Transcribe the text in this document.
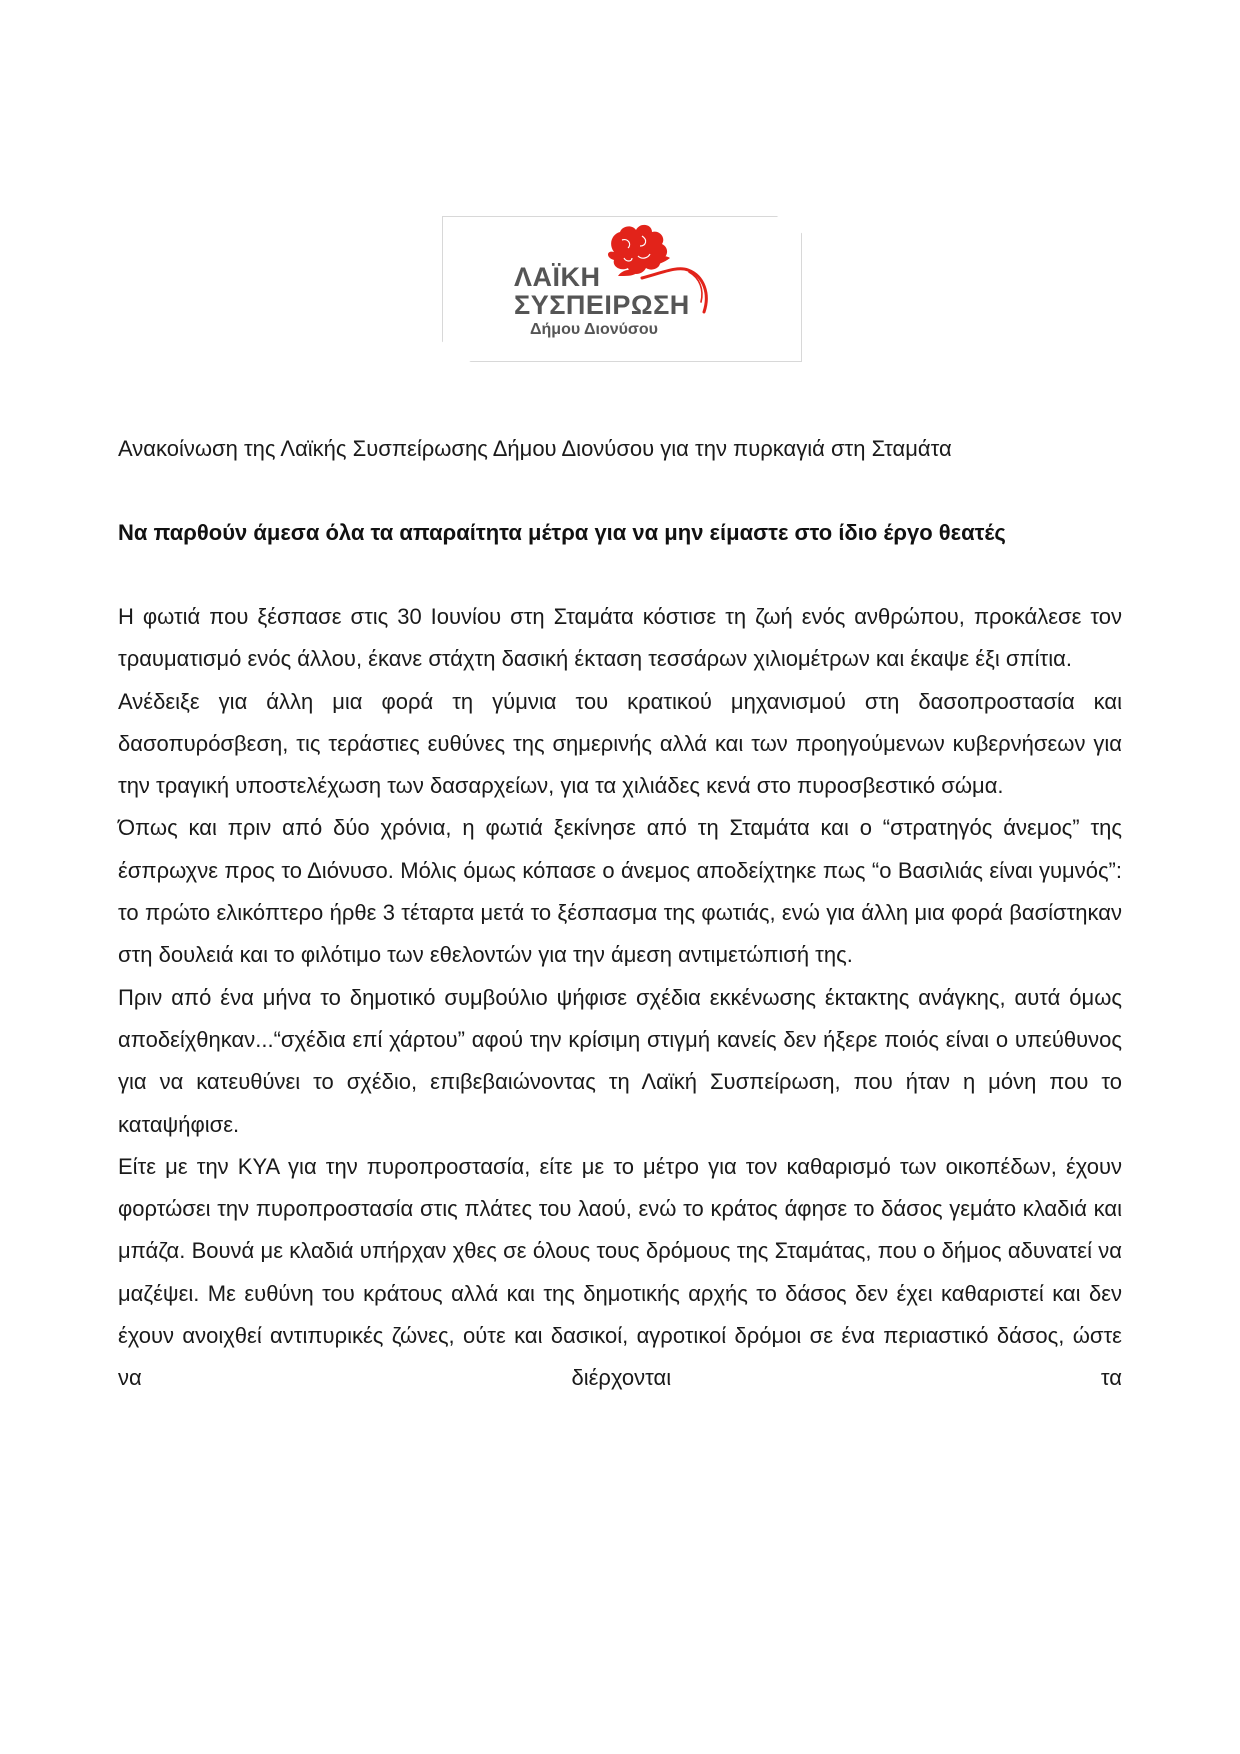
ΛΑΪΚΗ
ΣΥΣΠΕΙΡΩΣΗ
Δήμου Διονύσου

Ανακοίνωση της Λαϊκής Συσπείρωσης Δήμου Διονύσου για την πυρκαγιά στη Σταμάτα

Να παρθούν άμεσα όλα τα απαραίτητα μέτρα για να μην είμαστε στο ίδιο έργο θεατές

Η φωτιά που ξέσπασε στις 30 Ιουνίου στη Σταμάτα κόστισε τη ζωή ενός ανθρώπου, προκάλεσε τον τραυματισμό ενός άλλου, έκανε στάχτη δασική έκταση τεσσάρων χιλιομέτρων και έκαψε έξι σπίτια.

Ανέδειξε για άλλη μια φορά τη γύμνια του κρατικού μηχανισμού στη δασοπροστασία και δασοπυρόσβεση, τις τεράστιες ευθύνες της σημερινής αλλά και των προηγούμενων κυβερνήσεων για την τραγική υποστελέχωση των δασαρχείων, για τα χιλιάδες κενά στο πυροσβεστικό σώμα.

Όπως και πριν από δύο χρόνια, η φωτιά ξεκίνησε από τη Σταμάτα και ο “στρατηγός άνεμος” της έσπρωχνε προς το Διόνυσο. Μόλις όμως κόπασε ο άνεμος αποδείχτηκε πως “ο Βασιλιάς είναι γυμνός”: το πρώτο ελικόπτερο ήρθε 3 τέταρτα μετά το ξέσπασμα της φωτιάς, ενώ για άλλη μια φορά βασίστηκαν στη δουλειά και το φιλότιμο των εθελοντών για την άμεση αντιμετώπισή της.

Πριν από ένα μήνα το δημοτικό συμβούλιο ψήφισε σχέδια εκκένωσης έκτακτης ανάγκης, αυτά όμως αποδείχθηκαν...“σχέδια επί χάρτου” αφού την κρίσιμη στιγμή κανείς δεν ήξερε ποιός είναι ο υπεύθυνος για να κατευθύνει το σχέδιο, επιβεβαιώνοντας τη Λαϊκή Συσπείρωση, που ήταν η μόνη που το καταψήφισε.

Είτε με την ΚΥΑ για την πυροπροστασία, είτε με το μέτρο για τον καθαρισμό των οικοπέδων, έχουν φορτώσει την πυροπροστασία στις πλάτες του λαού, ενώ το κράτος άφησε το δάσος γεμάτο κλαδιά και μπάζα. Βουνά με κλαδιά υπήρχαν χθες σε όλους τους δρόμους της Σταμάτας, που ο δήμος αδυνατεί να μαζέψει. Με ευθύνη του κράτους αλλά και της δημοτικής αρχής το δάσος δεν έχει καθαριστεί και δεν έχουν ανοιχθεί αντιπυρικές ζώνες, ούτε και δασικοί, αγροτικοί δρόμοι σε ένα περιαστικό δάσος, ώστε να διέρχονται τα
